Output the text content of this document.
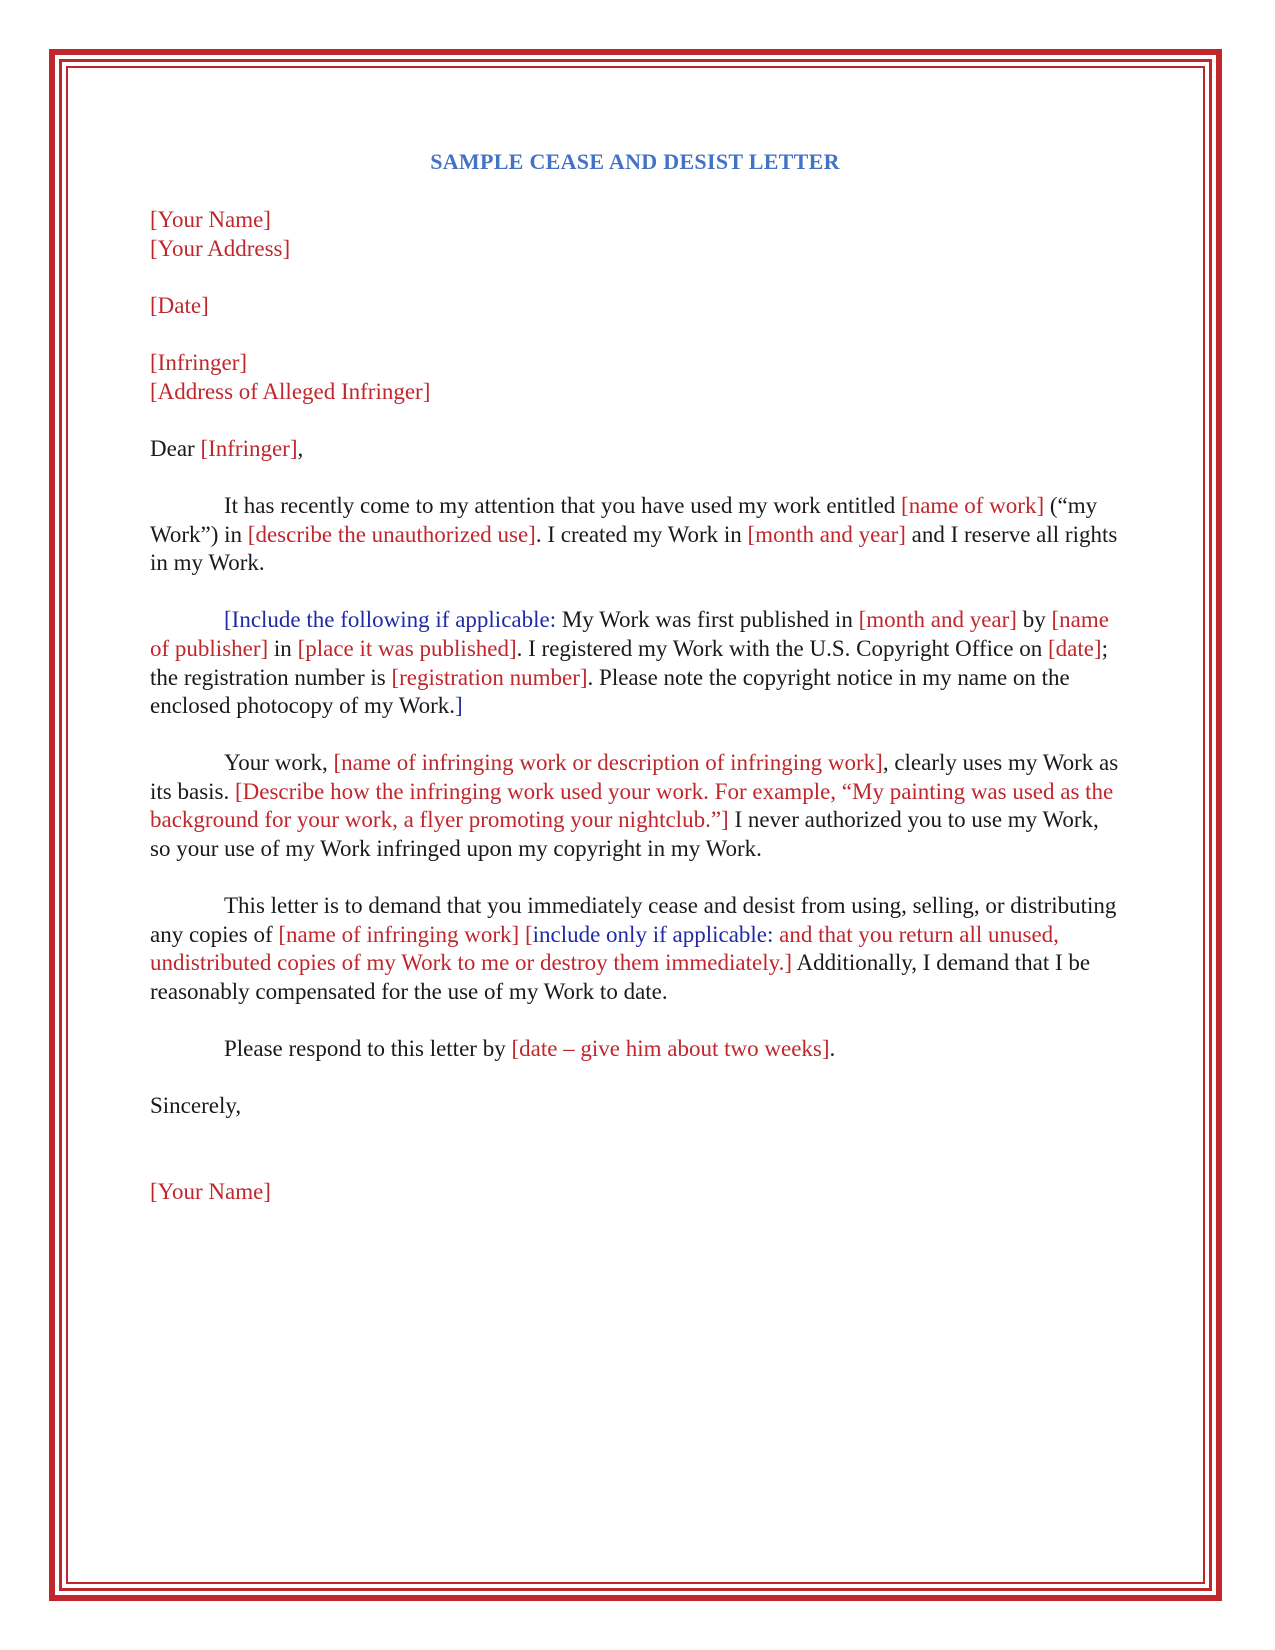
SAMPLE CEASE AND DESIST LETTER
[Your Name]
[Your Address]
[Date]
[Infringer]
[Address of Alleged Infringer]
Dear [Infringer],

It has recently come to my attention that you have used my work entitled [name of work] (“my Work”) in [describe the unauthorized use]. I created my Work in [month and year] and I reserve all rights in my Work.

[Include the following if applicable: My Work was first published in [month and year] by [name of publisher] in [place it was published]. I registered my Work with the U.S. Copyright Office on [date]; the registration number is [registration number]. Please note the copyright notice in my name on the enclosed photocopy of my Work.]

Your work, [name of infringing work or description of infringing work], clearly uses my Work as its basis. [Describe how the infringing work used your work. For example, “My painting was used as the background for your work, a flyer promoting your nightclub.”] I never authorized you to use my Work, so your use of my Work infringed upon my copyright in my Work.

This letter is to demand that you immediately cease and desist from using, selling, or distributing any copies of [name of infringing work] [include only if applicable: and that you return all unused, undistributed copies of my Work to me or destroy them immediately.] Additionally, I demand that I be reasonably compensated for the use of my Work to date.

Please respond to this letter by [date – give him about two weeks].

Sincerely,
[Your Name]
